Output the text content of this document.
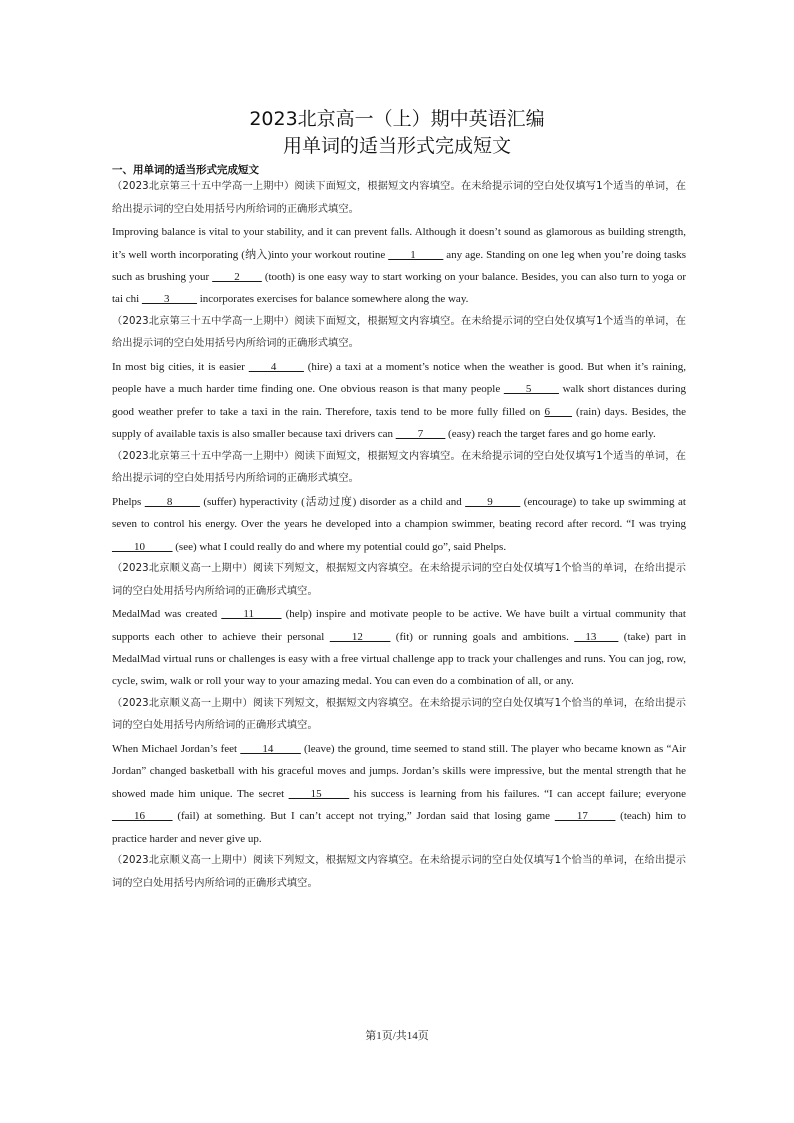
2023北京高一（上）期中英语汇编
用单词的适当形式完成短文
一、用单词的适当形式完成短文

（2023北京第三十五中学高一上期中）阅读下面短文，根据短文内容填空。在未给提示词的空白处仅填写1个适当的单词，在给出提示词的空白处用括号内所给词的正确形式填空。

Improving balance is vital to your stability, and it can prevent falls. Although it doesn’t sound as glamorous as building strength, it’s well worth incorporating (纳入)into your workout routine ____1_____ any age. Standing on one leg when you’re doing tasks such as brushing your ____2____ (tooth) is one easy way to start working on your balance. Besides, you can also turn to yoga or tai chi ____3_____ incorporates exercises for balance somewhere along the way.

（2023北京第三十五中学高一上期中）阅读下面短文，根据短文内容填空。在未给提示词的空白处仅填写1个适当的单词，在给出提示词的空白处用括号内所给词的正确形式填空。

In most big cities, it is easier ____4_____ (hire) a taxi at a moment’s notice when the weather is good. But when it’s raining, people have a much harder time finding one. One obvious reason is that many people ____5_____ walk short distances during good weather prefer to take a taxi in the rain. Therefore, taxis tend to be more fully filled on 6____ (rain) days. Besides, the supply of available taxis is also smaller because taxi drivers can ____7____ (easy) reach the target fares and go home early.

（2023北京第三十五中学高一上期中）阅读下面短文，根据短文内容填空。在未给提示词的空白处仅填写1个适当的单词，在给出提示词的空白处用括号内所给词的正确形式填空。

Phelps ____8_____ (suffer) hyperactivity (活动过度) disorder as a child and ____9_____ (encourage) to take up swimming at seven to control his energy. Over the years he developed into a champion swimmer, beating record after record. “I was trying ____10_____ (see) what I could really do and where my potential could go”, said Phelps.

（2023北京顺义高一上期中）阅读下列短文，根据短文内容填空。在未给提示词的空白处仅填写1个恰当的单词，在给出提示词的空白处用括号内所给词的正确形式填空。

MedalMad was created ____11_____ (help) inspire and motivate people to be active. We have built a virtual community that supports each other to achieve their personal ____12_____ (fit) or running goals and ambitions. __13____ (take) part in MedalMad virtual runs or challenges is easy with a free virtual challenge app to track your challenges and runs. You can jog, row, cycle, swim, walk or roll your way to your amazing medal. You can even do a combination of all, or any.

（2023北京顺义高一上期中）阅读下列短文，根据短文内容填空。在未给提示词的空白处仅填写1个恰当的单词，在给出提示词的空白处用括号内所给词的正确形式填空。

When Michael Jordan’s feet ____14_____ (leave) the ground, time seemed to stand still. The player who became known as “Air Jordan” changed basketball with his graceful moves and jumps. Jordan’s skills were impressive, but the mental strength that he showed made him unique. The secret ____15_____ his success is learning from his failures. “I can accept failure; everyone ____16_____ (fail) at something. But I can’t accept not trying,” Jordan said that losing game ____17_____ (teach) him to practice harder and never give up.

（2023北京顺义高一上期中）阅读下列短文，根据短文内容填空。在未给提示词的空白处仅填写1个恰当的单词，在给出提示词的空白处用括号内所给词的正确形式填空。

第1页/共14页
